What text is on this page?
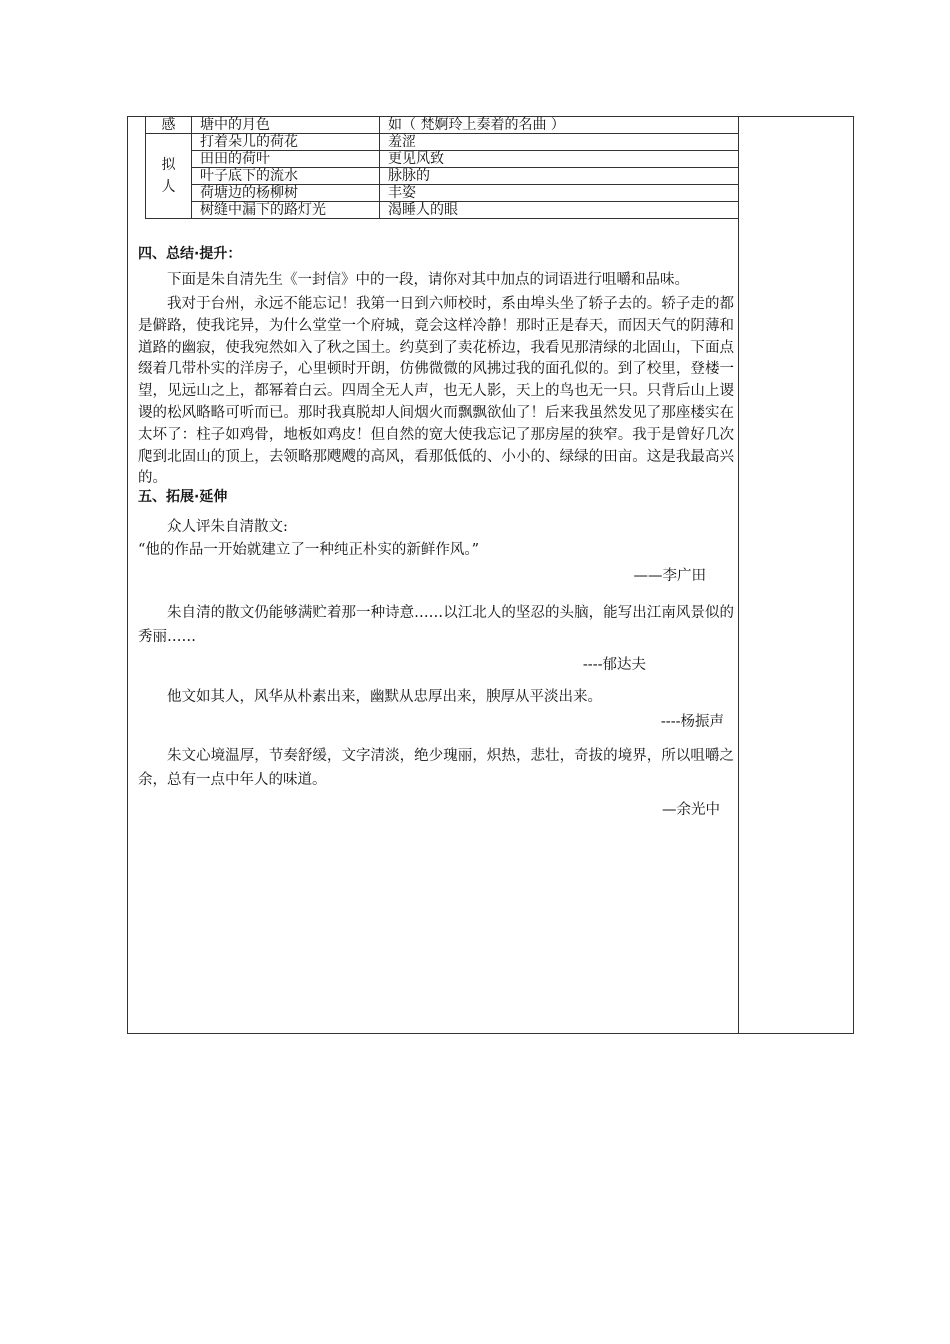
感	塘中的月色	如（ 梵婀玲上奏着的名曲 ）

拟
人	打着朵儿的荷花	羞涩
	田田的荷叶	更见风致
	叶子底下的流水	脉脉的
	荷塘边的杨柳树	丰姿
	树缝中漏下的路灯光	渴睡人的眼
四、总结·提升：

下面是朱自清先生《一封信》中的一段，请你对其中加点的词语进行咀嚼和品味。

我对于台州，永远不能忘记！我第一日到六师校时，系由埠头坐了轿子去的。轿子走的都是僻路，使我诧异，为什么堂堂一个府城，竟会这样冷静！那时正是春天，而因天气的阴薄和道路的幽寂，使我宛然如入了秋之国土。约莫到了卖花桥边，我看见那清绿的北固山，下面点缀着几带朴实的洋房子，心里顿时开朗，仿佛微微的风拂过我的面孔似的。到了校里，登楼一望，见远山之上，都幂着白云。四周全无人声，也无人影，天上的鸟也无一只。只背后山上谡谡的松风略略可听而已。那时我真脱却人间烟火而飘飘欲仙了！后来我虽然发见了那座楼实在太坏了：柱子如鸡骨，地板如鸡皮！但自然的宽大使我忘记了那房屋的狭窄。我于是曾好几次爬到北固山的顶上，去领略那飕飕的高风，看那低低的、小小的、绿绿的田亩。这是我最高兴的。

五、拓展·延伸

众人评朱自清散文:

“他的作品一开始就建立了一种纯正朴实的新鲜作风。”

——李广田

朱自清的散文仍能够满贮着那一种诗意……以江北人的坚忍的头脑，能写出江南风景似的秀丽……

----郁达夫

他文如其人，风华从朴素出来，幽默从忠厚出来，腴厚从平淡出来。

----杨振声

朱文心境温厚，节奏舒缓，文字清淡，绝少瑰丽，炽热，悲壮，奇拔的境界，所以咀嚼之余，总有一点中年人的味道。

—余光中
